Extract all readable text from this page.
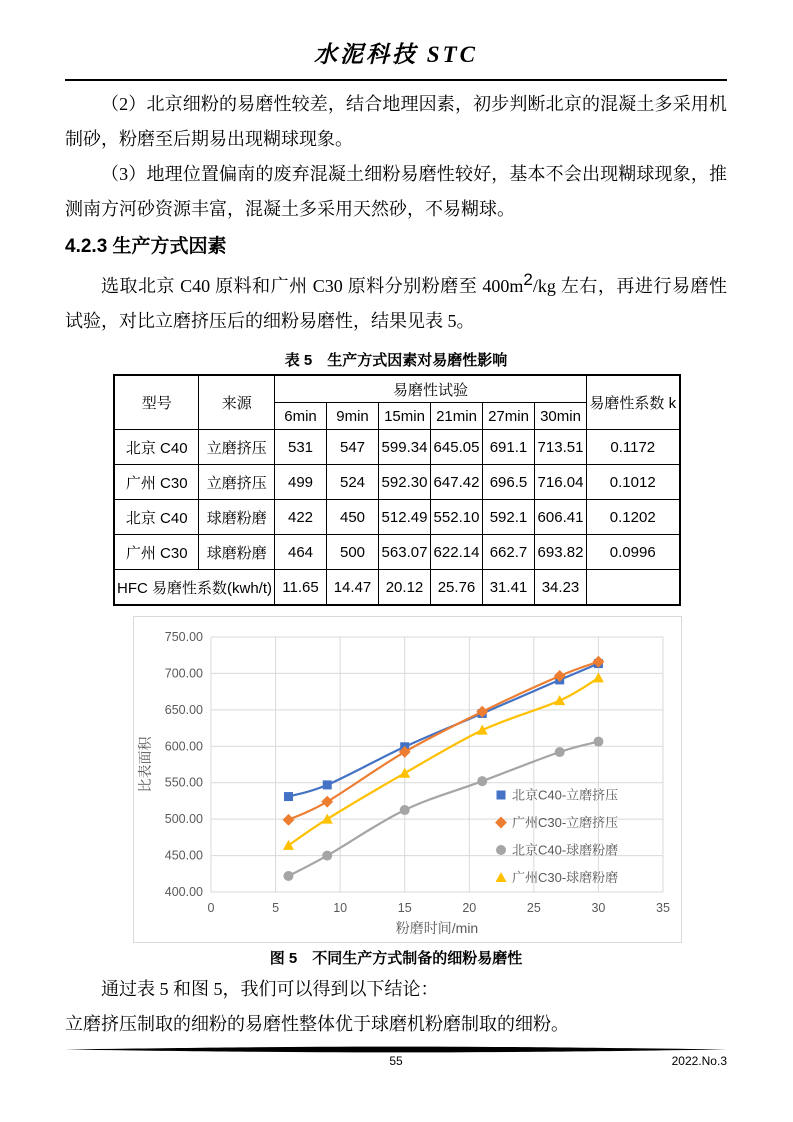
水泥科技 STC

（2）北京细粉的易磨性较差，结合地理因素，初步判断北京的混凝土多采用机制砂，粉磨至后期易出现糊球现象。

（3）地理位置偏南的废弃混凝土细粉易磨性较好，基本不会出现糊球现象，推测南方河砂资源丰富，混凝土多采用天然砂，不易糊球。

4.2.3 生产方式因素

选取北京 C40 原料和广州 C30 原料分别粉磨至 $400m^2/kg$ 左右，再进行易磨性试验，对比立磨挤压后的细粉易磨性，结果见表 5。

表 5　生产方式因素对易磨性影响
型号	来源	易磨性试验						易磨性系数 k
		6min	9min	15min	21min	27min	30min	
北京 C40	立磨挤压	531	547	599.34	645.05	691.1	713.51	0.1172
广州 C30	立磨挤压	499	524	592.30	647.42	696.5	716.04	0.1012
北京 C40	球磨粉磨	422	450	512.49	552.10	592.1	606.41	0.1202
广州 C30	球磨粉磨	464	500	563.07	622.14	662.7	693.82	0.0996
HFC 易磨性系数(kwh/t)		11.65	14.47	20.12	25.76	31.41	34.23	
400.00
450.00
500.00
550.00
600.00
650.00
700.00
750.00
0	5	10	15	20	25	30	35
粉磨时间/min
比表面积
北京C40-立磨挤压
广州C30-立磨挤压
北京C40-球磨粉磨
广州C30-球磨粉磨
图 5　不同生产方式制备的细粉易磨性

通过表 5 和图 5，我们可以得到以下结论：

立磨挤压制取的细粉的易磨性整体优于球磨机粉磨制取的细粉。

55	2022.No.3
